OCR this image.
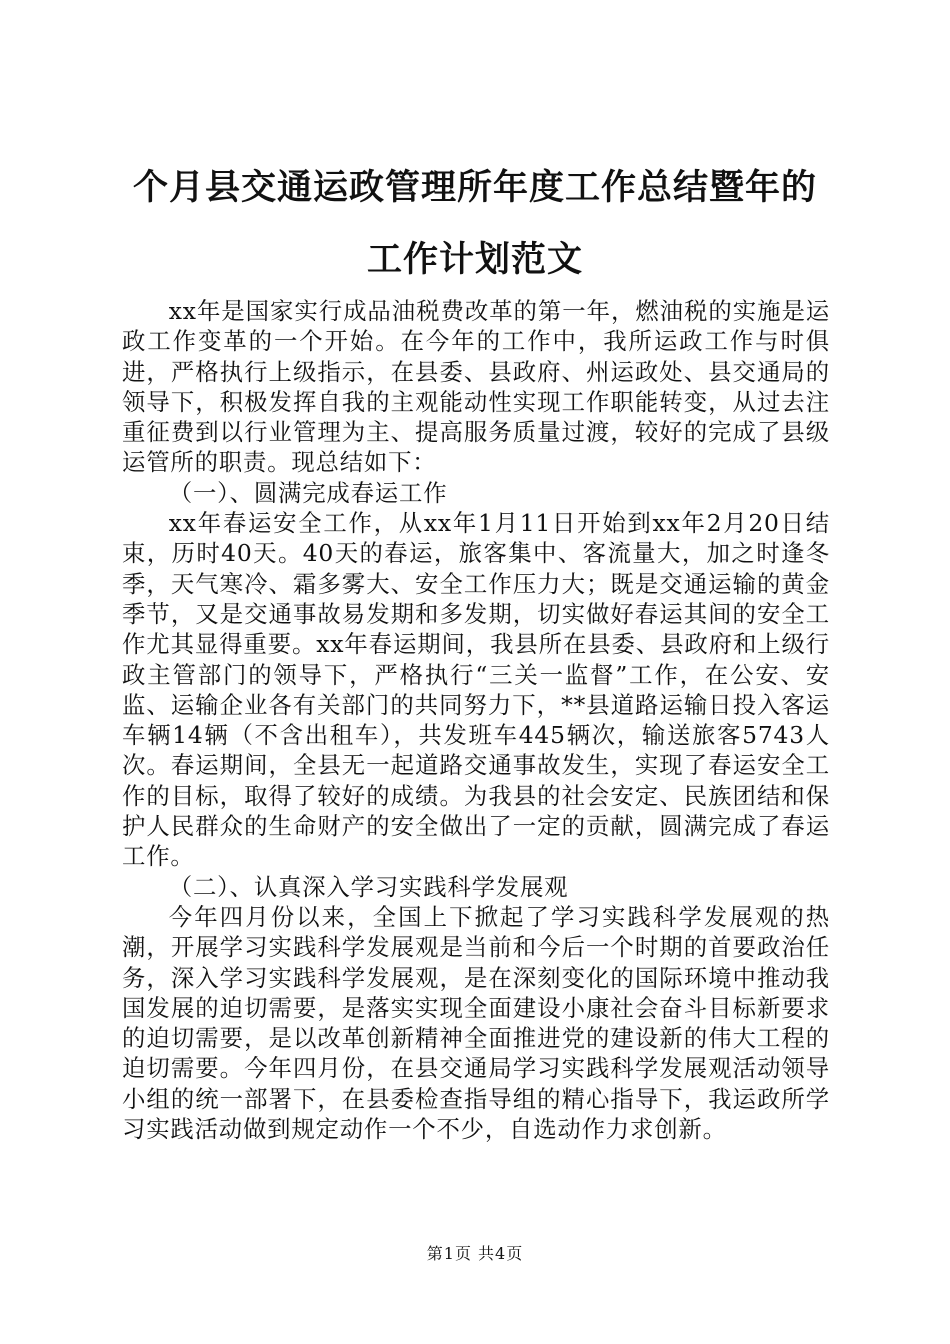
个月县交通运政管理所年度工作总结暨年的工作计划范文

xx年是国家实行成品油税费改革的第一年，燃油税的实施是运政工作变革的一个开始。在今年的工作中，我所运政工作与时俱进，严格执行上级指示，在县委、县政府、州运政处、县交通局的领导下，积极发挥自我的主观能动性实现工作职能转变，从过去注重征费到以行业管理为主、提高服务质量过渡，较好的完成了县级运管所的职责。现总结如下：

（一）、圆满完成春运工作

xx年春运安全工作，从xx年1月11日开始到xx年2月20日结束，历时40天。40天的春运，旅客集中、客流量大，加之时逢冬季，天气寒冷、霜多雾大、安全工作压力大；既是交通运输的黄金季节，又是交通事故易发期和多发期，切实做好春运其间的安全工作尤其显得重要。xx年春运期间，我县所在县委、县政府和上级行政主管部门的领导下，严格执行“三关一监督”工作，在公安、安监、运输企业各有关部门的共同努力下，**县道路运输日投入客运车辆14辆（不含出租车），共发班车445辆次，输送旅客5743人次。春运期间，全县无一起道路交通事故发生，实现了春运安全工作的目标，取得了较好的成绩。为我县的社会安定、民族团结和保护人民群众的生命财产的安全做出了一定的贡献，圆满完成了春运工作。

（二）、认真深入学习实践科学发展观

今年四月份以来，全国上下掀起了学习实践科学发展观的热潮，开展学习实践科学发展观是当前和今后一个时期的首要政治任务，深入学习实践科学发展观，是在深刻变化的国际环境中推动我国发展的迫切需要，是落实实现全面建设小康社会奋斗目标新要求的迫切需要，是以改革创新精神全面推进党的建设新的伟大工程的迫切需要。今年四月份，在县交通局学习实践科学发展观活动领导小组的统一部署下，在县委检查指导组的精心指导下，我运政所学习实践活动做到规定动作一个不少，自选动作力求创新。

第1页 共4页
